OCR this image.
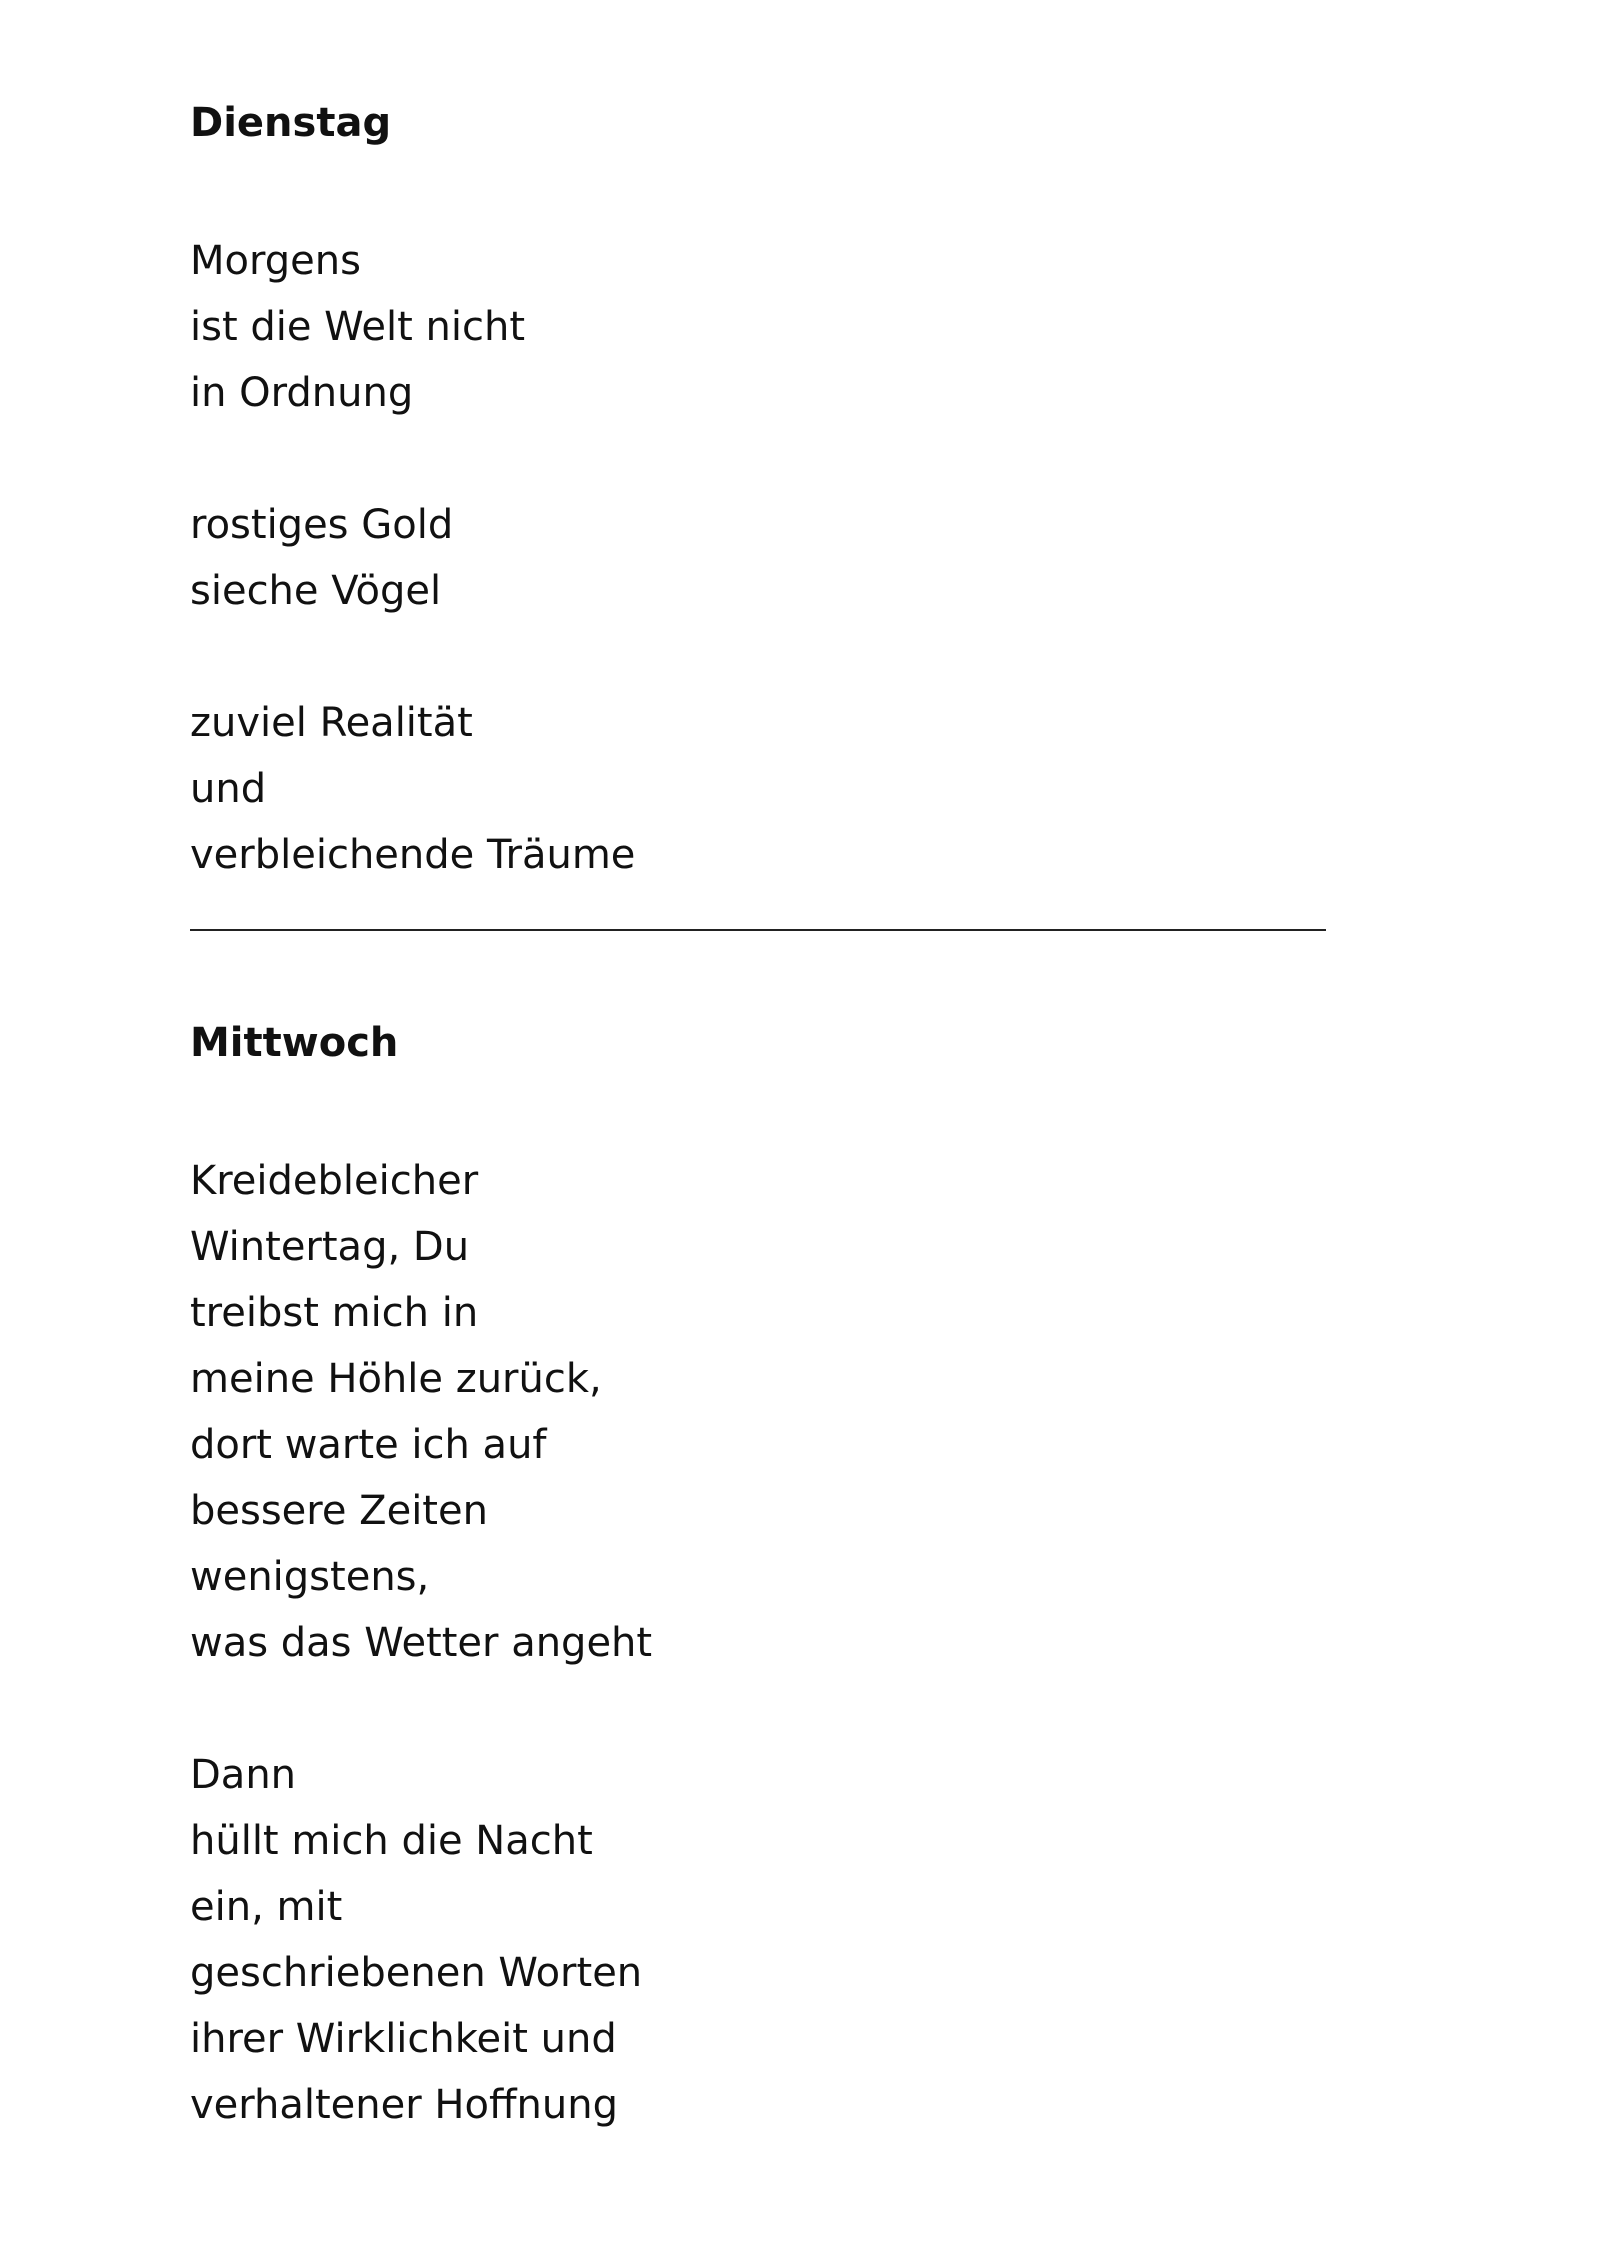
Dienstag
Morgens
ist die Welt nicht
in Ordnung
rostiges Gold
sieche Vögel
zuviel Realität
und
verbleichende Träume
Mittwoch
Kreidebleicher
Wintertag, Du
treibst mich in
meine Höhle zurück,
dort warte ich auf
bessere Zeiten
wenigstens,
was das Wetter angeht
Dann
hüllt mich die Nacht
ein, mit
geschriebenen Worten
ihrer Wirklichkeit und
verhaltener Hoffnung
